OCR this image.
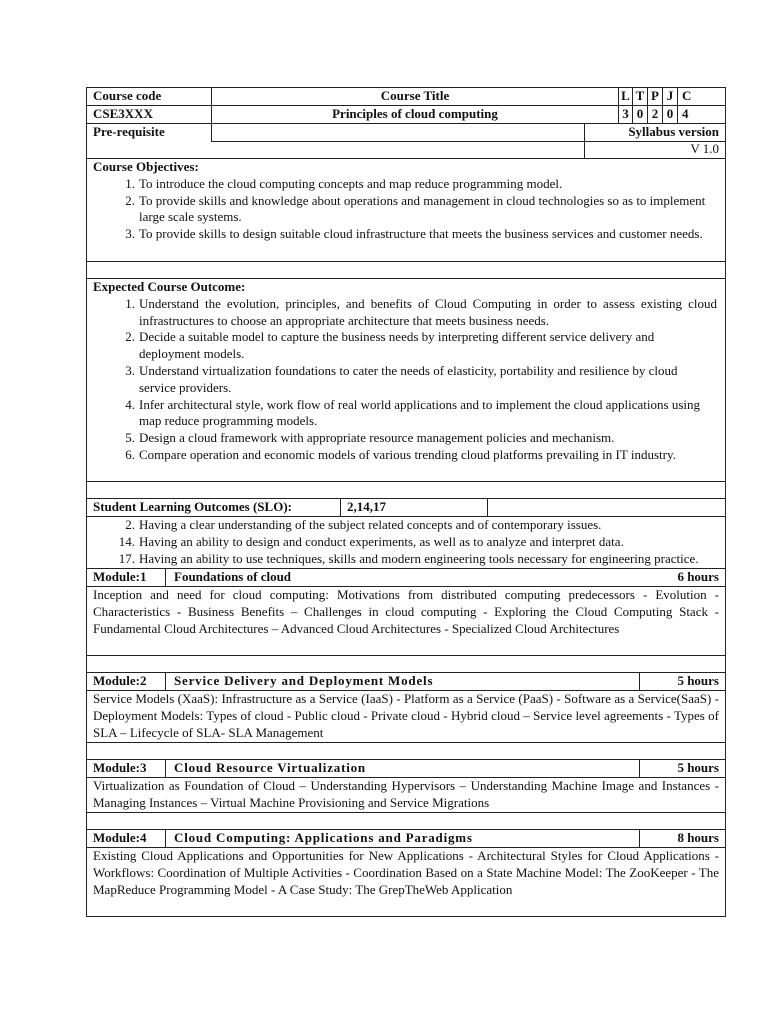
Course code	Course Title	L T P J C
CSE3XXX	Principles of cloud computing	3 0 2 0 4
Pre-requisite	Syllabus version
V 1.0
Course Objectives:
1. To introduce the cloud computing concepts and map reduce programming model.
2. To provide skills and knowledge about operations and management in cloud technologies so as to implement large scale systems.
3. To provide skills to design suitable cloud infrastructure that meets the business services and customer needs.
Expected Course Outcome:
1. Understand the evolution, principles, and benefits of Cloud Computing in order to assess existing cloud infrastructures to choose an appropriate architecture that meets business needs.
2. Decide a suitable model to capture the business needs by interpreting different service delivery and deployment models.
3. Understand virtualization foundations to cater the needs of elasticity, portability and resilience by cloud service providers.
4. Infer architectural style, work flow of real world applications and to implement the cloud applications using map reduce programming models.
5. Design a cloud framework with appropriate resource management policies and mechanism.
6. Compare operation and economic models of various trending cloud platforms prevailing in IT industry.
Student Learning Outcomes (SLO):	2,14,17
2. Having a clear understanding of the subject related concepts and of contemporary issues.
14. Having an ability to design and conduct experiments, as well as to analyze and interpret data.
17. Having an ability to use techniques, skills and modern engineering tools necessary for engineering practice.
Module:1	Foundations of cloud	6 hours
Inception and need for cloud computing: Motivations from distributed computing predecessors - Evolution - Characteristics - Business Benefits – Challenges in cloud computing - Exploring the Cloud Computing Stack - Fundamental Cloud Architectures – Advanced Cloud Architectures - Specialized Cloud Architectures
Module:2	Service Delivery and Deployment Models	5 hours
Service Models (XaaS): Infrastructure as a Service (IaaS) - Platform as a Service (PaaS) - Software as a Service(SaaS) - Deployment Models: Types of cloud - Public cloud - Private cloud - Hybrid cloud – Service level agreements - Types of SLA – Lifecycle of SLA- SLA Management
Module:3	Cloud Resource Virtualization	5 hours
Virtualization as Foundation of Cloud – Understanding Hypervisors – Understanding Machine Image and Instances - Managing Instances – Virtual Machine Provisioning and Service Migrations
Module:4	Cloud Computing: Applications and Paradigms	8 hours
Existing Cloud Applications and Opportunities for New Applications - Architectural Styles for Cloud Applications - Workflows: Coordination of Multiple Activities - Coordination Based on a State Machine Model: The ZooKeeper - The MapReduce Programming Model - A Case Study: The GrepTheWeb Application
